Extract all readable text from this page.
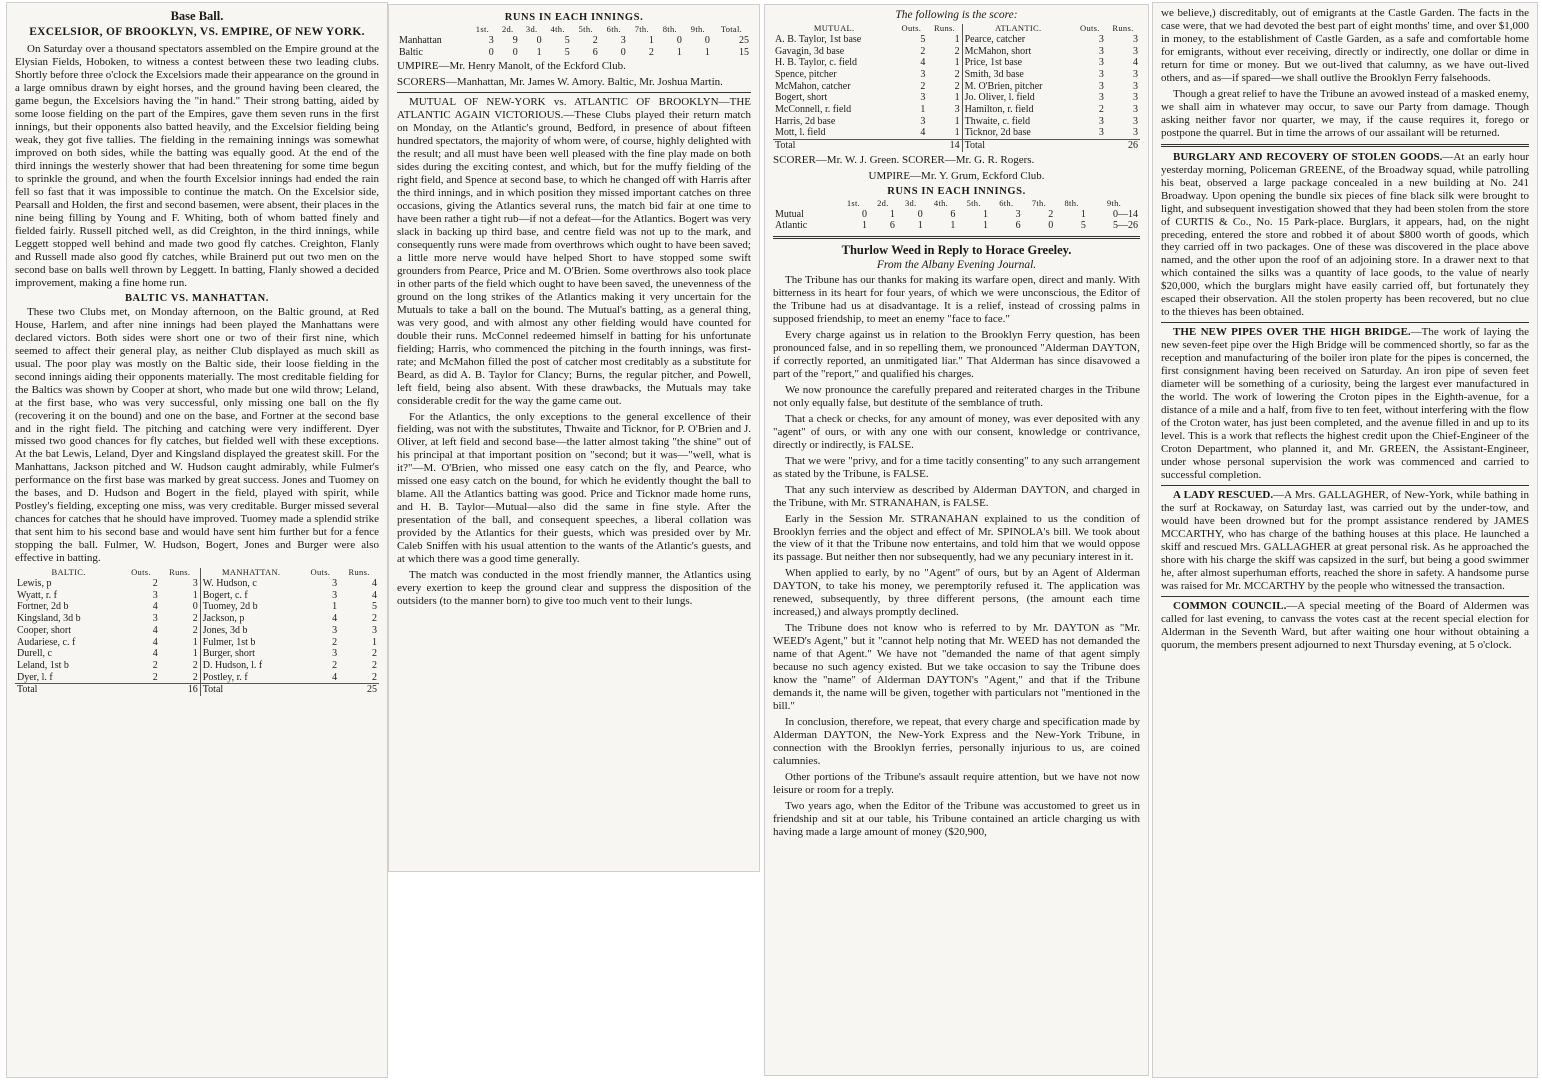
Base Ball.
EXCELSIOR, OF BROOKLYN, VS. EMPIRE, OF NEW YORK.

On Saturday over a thousand spectators assembled on the Empire ground at the Elysian Fields, Hoboken, to witness a contest between these two leading clubs. Shortly before three o'clock the Excelsiors made their appearance on the ground in a large omnibus drawn by eight horses, and the ground having been cleared, the game begun, the Excelsiors having the "in hand." Their strong batting, aided by some loose fielding on the part of the Empires, gave them seven runs in the first innings, but their opponents also batted heavily, and the Excelsior fielding being weak, they got five tallies. The fielding in the remaining innings was somewhat improved on both sides, while the batting was equally good. At the end of the third innings the westerly shower that had been threatening for some time begun to sprinkle the ground, and when the fourth Excelsior innings had ended the rain fell so fast that it was impossible to continue the match. On the Excelsior side, Pearsall and Holden, the first and second basemen, were absent, their places in the nine being filling by Young and F. Whiting, both of whom batted finely and fielded fairly. Russell pitched well, as did Creighton, in the third innings, while Leggett stopped well behind and made two good fly catches. Creighton, Flanly and Russell made also good fly catches, while Brainerd put out two men on the second base on balls well thrown by Leggett. In batting, Flanly showed a decided improvement, making a fine home run.

BALTIC VS. MANHATTAN.

These two Clubs met, on Monday afternoon, on the Baltic ground, at Red House, Harlem, and after nine innings had been played the Manhattans were declared victors. Both sides were short one or two of their first nine, which seemed to affect their general play, as neither Club displayed as much skill as usual. The poor play was mostly on the Baltic side, their loose fielding in the second innings aiding their opponents materially. The most creditable fielding for the Baltics was shown by Cooper at short, who made but one wild throw; Leland, at the first base, who was very successful, only missing one ball on the fly (recovering it on the bound) and one on the base, and Fortner at the second base and in the right field. The pitching and catching were very indifferent. Dyer missed two good chances for fly catches, but fielded well with these exceptions. At the bat Lewis, Leland, Dyer and Kingsland displayed the greatest skill. For the Manhattans, Jackson pitched and W. Hudson caught admirably, while Fulmer's performance on the first base was marked by great success. Jones and Tuomey on the bases, and D. Hudson and Bogert in the field, played with spirit, while Postley's fielding, excepting one miss, was very creditable. Burger missed several chances for catches that he should have improved. Tuomey made a splendid strike that sent him to his second base and would have sent him further but for a fence stopping the ball. Fulmer, W. Hudson, Bogert, Jones and Burger were also effective in batting.

BALTIC.	Outs.	Runs.	MANHATTAN.	Outs.	Runs.
Lewis, p	2	3	W. Hudson, c	3	4
Wyatt, r. f	3	1	Bogert, c. f	3	4
Fortner, 2d b	4	0	Tuomey, 2d b	1	5
Kingsland, 3d b	3	2	Jackson, p	4	2
Cooper, short	4	2	Jones, 3d b	3	3
Audariese, c. f	4	1	Fulmer, 1st b	2	1
Durell, c	4	1	Burger, short	3	2
Leland, 1st b	2	2	D. Hudson, l. f	2	2
Dyer, l. f	2	2	Postley, r. f	4	2
Total		16	Total		25
RUNS IN EACH INNINGS.
	1st.	2d.	3d.	4th.	5th.	6th.	7th.	8th.	9th.	Total.
Manhattan	3	9	0	5	2	3	1	0	0	25
Baltic	0	0	1	5	6	0	2	1	1	15

UMPIRE—Mr. Henry Manolt, of the Eckford Club.

SCORERS—Manhattan, Mr. James W. Amory. Baltic, Mr. Joshua Martin.

MUTUAL OF NEW-YORK vs. ATLANTIC OF BROOKLYN—THE ATLANTIC AGAIN VICTORIOUS.—These Clubs played their return match on Monday, on the Atlantic's ground, Bedford, in presence of about fifteen hundred spectators, the majority of whom were, of course, highly delighted with the result; and all must have been well pleased with the fine play made on both sides during the exciting contest, and which, but for the muffy fielding of the right field, and Spence at second base, to which he changed off with Harris after the third innings, and in which position they missed important catches on three occasions, giving the Atlantics several runs, the match bid fair at one time to have been rather a tight rub—if not a defeat—for the Atlantics. Bogert was very slack in backing up third base, and centre field was not up to the mark, and consequently runs were made from overthrows which ought to have been saved; a little more nerve would have helped Short to have stopped some swift grounders from Pearce, Price and M. O'Brien. Some overthrows also took place in other parts of the field which ought to have been saved, the unevenness of the ground on the long strikes of the Atlantics making it very uncertain for the Mutuals to take a ball on the bound. The Mutual's batting, as a general thing, was very good, and with almost any other fielding would have counted for double their runs. McConnel redeemed himself in batting for his unfortunate fielding; Harris, who commenced the pitching in the fourth innings, was first-rate; and McMahon filled the post of catcher most creditably as a substitute for Beard, as did A. B. Taylor for Clancy; Burns, the regular pitcher, and Powell, left field, being also absent. With these drawbacks, the Mutuals may take considerable credit for the way the game came out.

For the Atlantics, the only exceptions to the general excellence of their fielding, was not with the substitutes, Thwaite and Ticknor, for P. O'Brien and J. Oliver, at left field and second base—the latter almost taking "the shine" out of his principal at that important position on "second; but it was—"well, what is it?"—M. O'Brien, who missed one easy catch on the fly, and Pearce, who missed one easy catch on the bound, for which he evidently thought the ball to blame. All the Atlantics batting was good. Price and Ticknor made home runs, and H. B. Taylor—Mutual—also did the same in fine style. After the presentation of the ball, and consequent speeches, a liberal collation was provided by the Atlantics for their guests, which was presided over by Mr. Caleb Sniffen with his usual attention to the wants of the Atlantic's guests, and at which there was a good time generally.

The match was conducted in the most friendly manner, the Atlantics using every exertion to keep the ground clear and suppress the disposition of the outsiders (to the manner born) to give too much vent to their lungs.

The following is the score:
MUTUAL.	Outs.	Runs.	ATLANTIC.	Outs.	Runs.
A. B. Taylor, 1st base	5	1	Pearce, catcher	3	3
Gavagin, 3d base	2	2	McMahon, short	3	3
H. B. Taylor, c. field	4	1	Price, 1st base	3	4
Spence, pitcher	3	2	Smith, 3d base	3	3
McMahon, catcher	2	2	M. O'Brien, pitcher	3	3
Bogert, short	3	1	Jo. Oliver, l. field	3	3
McConnell, r. field	1	3	Hamilton, r. field	2	3
Harris, 2d base	3	1	Thwaite, c. field	3	3
Mott, l. field	4	1	Ticknor, 2d base	3	3
Total		14	Total		26

SCORER—Mr. W. J. Green. SCORER—Mr. G. R. Rogers.

UMPIRE—Mr. Y. Grum, Eckford Club.

RUNS IN EACH INNINGS.
	1st.	2d.	3d.	4th.	5th.	6th.	7th.	8th.	9th.
Mutual	0	1	0	6	1	3	2	1	0—14
Atlantic	1	6	1	1	1	6	0	5	5—26
Thurlow Weed in Reply to Horace Greeley.
From the Albany Evening Journal.

The Tribune has our thanks for making its warfare open, direct and manly. With bitterness in its heart for four years, of which we were unconscious, the Editor of the Tribune had us at disadvantage. It is a relief, instead of crossing palms in supposed friendship, to meet an enemy "face to face."

Every charge against us in relation to the Brooklyn Ferry question, has been pronounced false, and in so repelling them, we pronounced "Alderman DAYTON, if correctly reported, an unmitigated liar." That Alderman has since disavowed a part of the "report," and qualified his charges.

We now pronounce the carefully prepared and reiterated charges in the Tribune not only equally false, but destitute of the semblance of truth.

That a check or checks, for any amount of money, was ever deposited with any "agent" of ours, or with any one with our consent, knowledge or contrivance, directly or indirectly, is FALSE.

That we were "privy, and for a time tacitly consenting" to any such arrangement as stated by the Tribune, is FALSE.

That any such interview as described by Alderman DAYTON, and charged in the Tribune, with Mr. STRANAHAN, is FALSE.

Early in the Session Mr. STRANAHAN explained to us the condition of Brooklyn ferries and the object and effect of Mr. SPINOLA's bill. We took about the view of it that the Tribune now entertains, and told him that we would oppose its passage. But neither then nor subsequently, had we any pecuniary interest in it.

When applied to early, by no "Agent" of ours, but by an Agent of Alderman DAYTON, to take his money, we peremptorily refused it. The application was renewed, subsequently, by three different persons, (the amount each time increased,) and always promptly declined.

The Tribune does not know who is referred to by Mr. DAYTON as "Mr. WEED's Agent," but it "cannot help noting that Mr. WEED has not demanded the name of that Agent." We have not "demanded the name of that agent simply because no such agency existed. But we take occasion to say the Tribune does know the "name" of Alderman DAYTON's "Agent," and that if the Tribune demands it, the name will be given, together with particulars not "mentioned in the bill."

In conclusion, therefore, we repeat, that every charge and specification made by Alderman DAYTON, the New-York Express and the New-York Tribune, in connection with the Brooklyn ferries, personally injurious to us, are coined calumnies.

Other portions of the Tribune's assault require attention, but we have not now leisure or room for a treply.

Two years ago, when the Editor of the Tribune was accustomed to greet us in friendship and sit at our table, his Tribune contained an article charging us with having made a large amount of money ($20,900,

we believe,) discreditably, out of emigrants at the Castle Garden. The facts in the case were, that we had devoted the best part of eight months' time, and over $1,000 in money, to the establishment of Castle Garden, as a safe and comfortable home for emigrants, without ever receiving, directly or indirectly, one dollar or dime in return for time or money. But we out-lived that calumny, as we have out-lived others, and as—if spared—we shall outlive the Brooklyn Ferry falsehoods.

Though a great relief to have the Tribune an avowed instead of a masked enemy, we shall aim in whatever may occur, to save our Party from damage. Though asking neither favor nor quarter, we may, if the cause requires it, forego or postpone the quarrel. But in time the arrows of our assailant will be returned.

BURGLARY AND RECOVERY OF STOLEN GOODS.—At an early hour yesterday morning, Policeman GREENE, of the Broadway squad, while patrolling his beat, observed a large package concealed in a new building at No. 241 Broadway. Upon opening the bundle six pieces of fine black silk were brought to light, and subsequent investigation showed that they had been stolen from the store of CURTIS & Co., No. 15 Park-place. Burglars, it appears, had, on the night preceding, entered the store and robbed it of about $800 worth of goods, which they carried off in two packages. One of these was discovered in the place above named, and the other upon the roof of an adjoining store. In a drawer next to that which contained the silks was a quantity of lace goods, to the value of nearly $20,000, which the burglars might have easily carried off, but fortunately they escaped their observation. All the stolen property has been recovered, but no clue to the thieves has been obtained.

THE NEW PIPES OVER THE HIGH BRIDGE.—The work of laying the new seven-feet pipe over the High Bridge will be commenced shortly, so far as the reception and manufacturing of the boiler iron plate for the pipes is concerned, the first consignment having been received on Saturday. An iron pipe of seven feet diameter will be something of a curiosity, being the largest ever manufactured in the world. The work of lowering the Croton pipes in the Eighth-avenue, for a distance of a mile and a half, from five to ten feet, without interfering with the flow of the Croton water, has just been completed, and the avenue filled in and up to its level. This is a work that reflects the highest credit upon the Chief-Engineer of the Croton Department, who planned it, and Mr. GREEN, the Assistant-Engineer, under whose personal supervision the work was commenced and carried to successful completion.

A LADY RESCUED.—A Mrs. GALLAGHER, of New-York, while bathing in the surf at Rockaway, on Saturday last, was carried out by the under-tow, and would have been drowned but for the prompt assistance rendered by JAMES MCCARTHY, who has charge of the bathing houses at this place. He launched a skiff and rescued Mrs. GALLAGHER at great personal risk. As he approached the shore with his charge the skiff was capsized in the surf, but being a good swimmer he, after almost superhuman efforts, reached the shore in safety. A handsome purse was raised for Mr. MCCARTHY by the people who witnessed the transaction.

COMMON COUNCIL.—A special meeting of the Board of Aldermen was called for last evening, to canvass the votes cast at the recent special election for Alderman in the Seventh Ward, but after waiting one hour without obtaining a quorum, the members present adjourned to next Thursday evening, at 5 o'clock.
